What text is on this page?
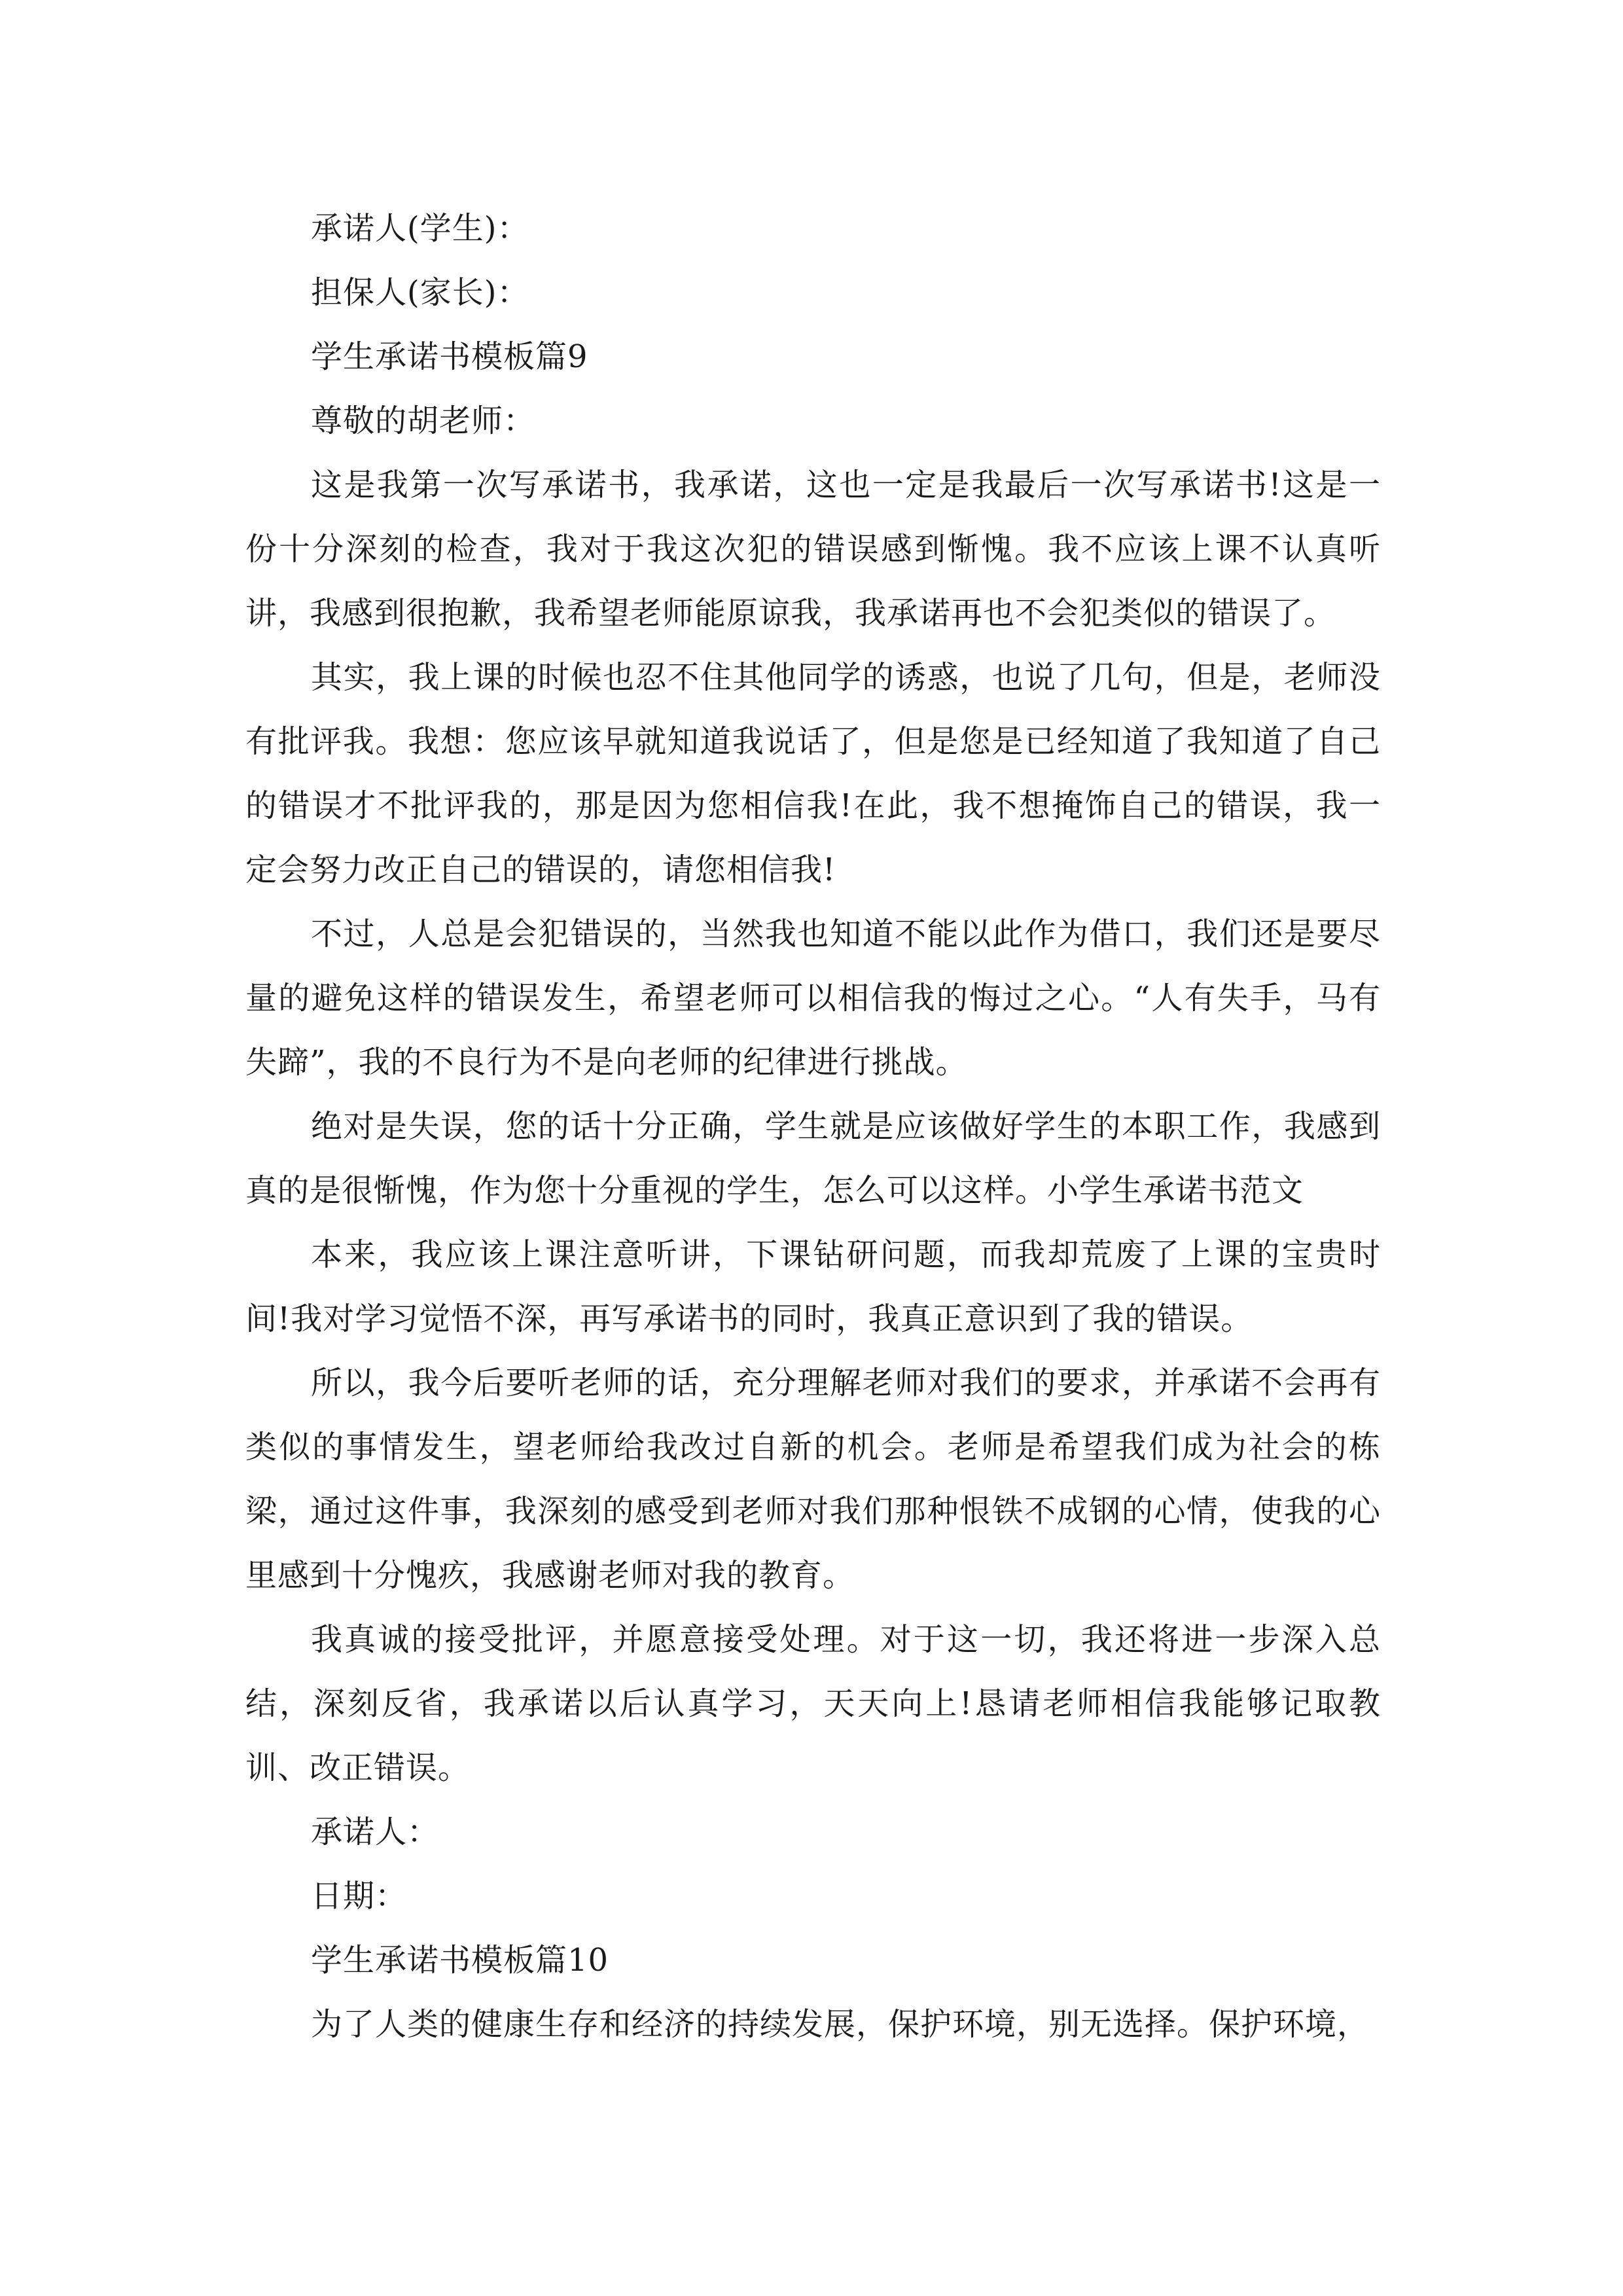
承诺人(学生)：

担保人(家长)：

学生承诺书模板篇9

尊敬的胡老师：

这是我第一次写承诺书，我承诺，这也一定是我最后一次写承诺书!这是一份十分深刻的检查，我对于我这次犯的错误感到惭愧。我不应该上课不认真听讲，我感到很抱歉，我希望老师能原谅我，我承诺再也不会犯类似的错误了。

其实，我上课的时候也忍不住其他同学的诱惑，也说了几句，但是，老师没有批评我。我想：您应该早就知道我说话了，但是您是已经知道了我知道了自己的错误才不批评我的，那是因为您相信我!在此，我不想掩饰自己的错误，我一定会努力改正自己的错误的，请您相信我!

不过，人总是会犯错误的，当然我也知道不能以此作为借口，我们还是要尽量的避免这样的错误发生，希望老师可以相信我的悔过之心。“人有失手，马有失蹄”，我的不良行为不是向老师的纪律进行挑战。

绝对是失误，您的话十分正确，学生就是应该做好学生的本职工作，我感到真的是很惭愧，作为您十分重视的学生，怎么可以这样。小学生承诺书范文

本来，我应该上课注意听讲，下课钻研问题，而我却荒废了上课的宝贵时间!我对学习觉悟不深，再写承诺书的同时，我真正意识到了我的错误。

所以，我今后要听老师的话，充分理解老师对我们的要求，并承诺不会再有类似的事情发生，望老师给我改过自新的机会。老师是希望我们成为社会的栋梁，通过这件事，我深刻的感受到老师对我们那种恨铁不成钢的心情，使我的心里感到十分愧疚，我感谢老师对我的教育。

我真诚的接受批评，并愿意接受处理。对于这一切，我还将进一步深入总结，深刻反省，我承诺以后认真学习，天天向上!恳请老师相信我能够记取教训、改正错误。

承诺人：

日期：

学生承诺书模板篇10

为了人类的健康生存和经济的持续发展，保护环境，别无选择。保护环境，
